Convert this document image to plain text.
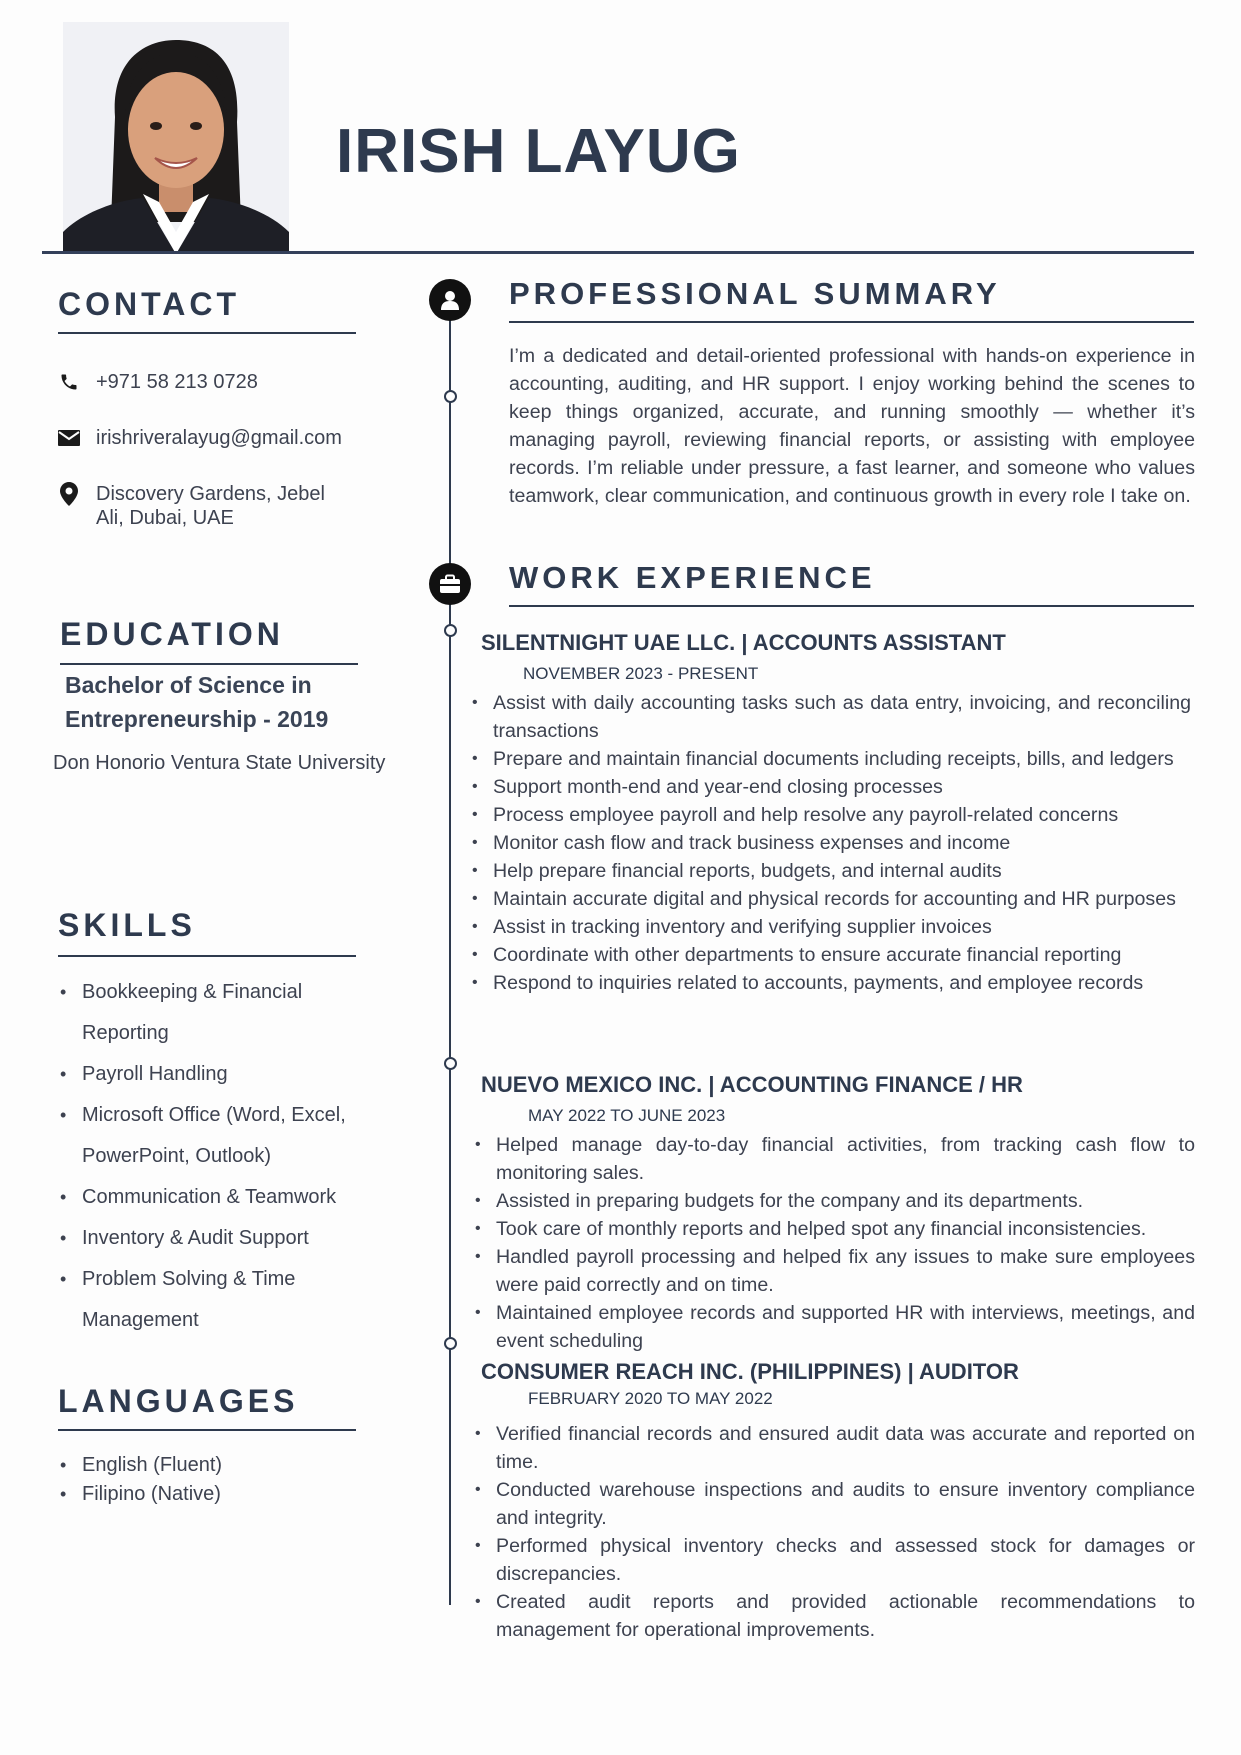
IRISH LAYUG
CONTACT
+971 58 213 0728
irishriveralayug@gmail.com
Discovery Gardens, Jebel
Ali, Dubai, UAE
EDUCATION
Bachelor of Science in
Entrepreneurship - 2019
Don Honorio Ventura State University
SKILLS
• Bookkeeping & Financial Reporting
• Payroll Handling
• Microsoft Office (Word, Excel, PowerPoint, Outlook)
• Communication & Teamwork
• Inventory & Audit Support
• Problem Solving & Time Management
LANGUAGES
• English (Fluent)
• Filipino (Native)
PROFESSIONAL SUMMARY
I’m a dedicated and detail-oriented professional with hands-on experience in accounting, auditing, and HR support. I enjoy working behind the scenes to keep things organized, accurate, and running smoothly — whether it’s managing payroll, reviewing financial reports, or assisting with employee records. I’m reliable under pressure, a fast learner, and someone who values teamwork, clear communication, and continuous growth in every role I take on.
WORK EXPERIENCE
SILENTNIGHT UAE LLC. | ACCOUNTS ASSISTANT
NOVEMBER 2023 - PRESENT
• Assist with daily accounting tasks such as data entry, invoicing, and reconciling transactions
• Prepare and maintain financial documents including receipts, bills, and ledgers
• Support month-end and year-end closing processes
• Process employee payroll and help resolve any payroll-related concerns
• Monitor cash flow and track business expenses and income
• Help prepare financial reports, budgets, and internal audits
• Maintain accurate digital and physical records for accounting and HR purposes
• Assist in tracking inventory and verifying supplier invoices
• Coordinate with other departments to ensure accurate financial reporting
• Respond to inquiries related to accounts, payments, and employee records
NUEVO MEXICO INC. | ACCOUNTING FINANCE / HR
MAY 2022 TO JUNE 2023
• Helped manage day-to-day financial activities, from tracking cash flow to monitoring sales.
• Assisted in preparing budgets for the company and its departments.
• Took care of monthly reports and helped spot any financial inconsistencies.
• Handled payroll processing and helped fix any issues to make sure employees were paid correctly and on time.
• Maintained employee records and supported HR with interviews, meetings, and event scheduling
CONSUMER REACH INC. (PHILIPPINES) | AUDITOR
FEBRUARY 2020 TO MAY 2022
• Verified financial records and ensured audit data was accurate and reported on time.
• Conducted warehouse inspections and audits to ensure inventory compliance and integrity.
• Performed physical inventory checks and assessed stock for damages or discrepancies.
• Created audit reports and provided actionable recommendations to management for operational improvements.
